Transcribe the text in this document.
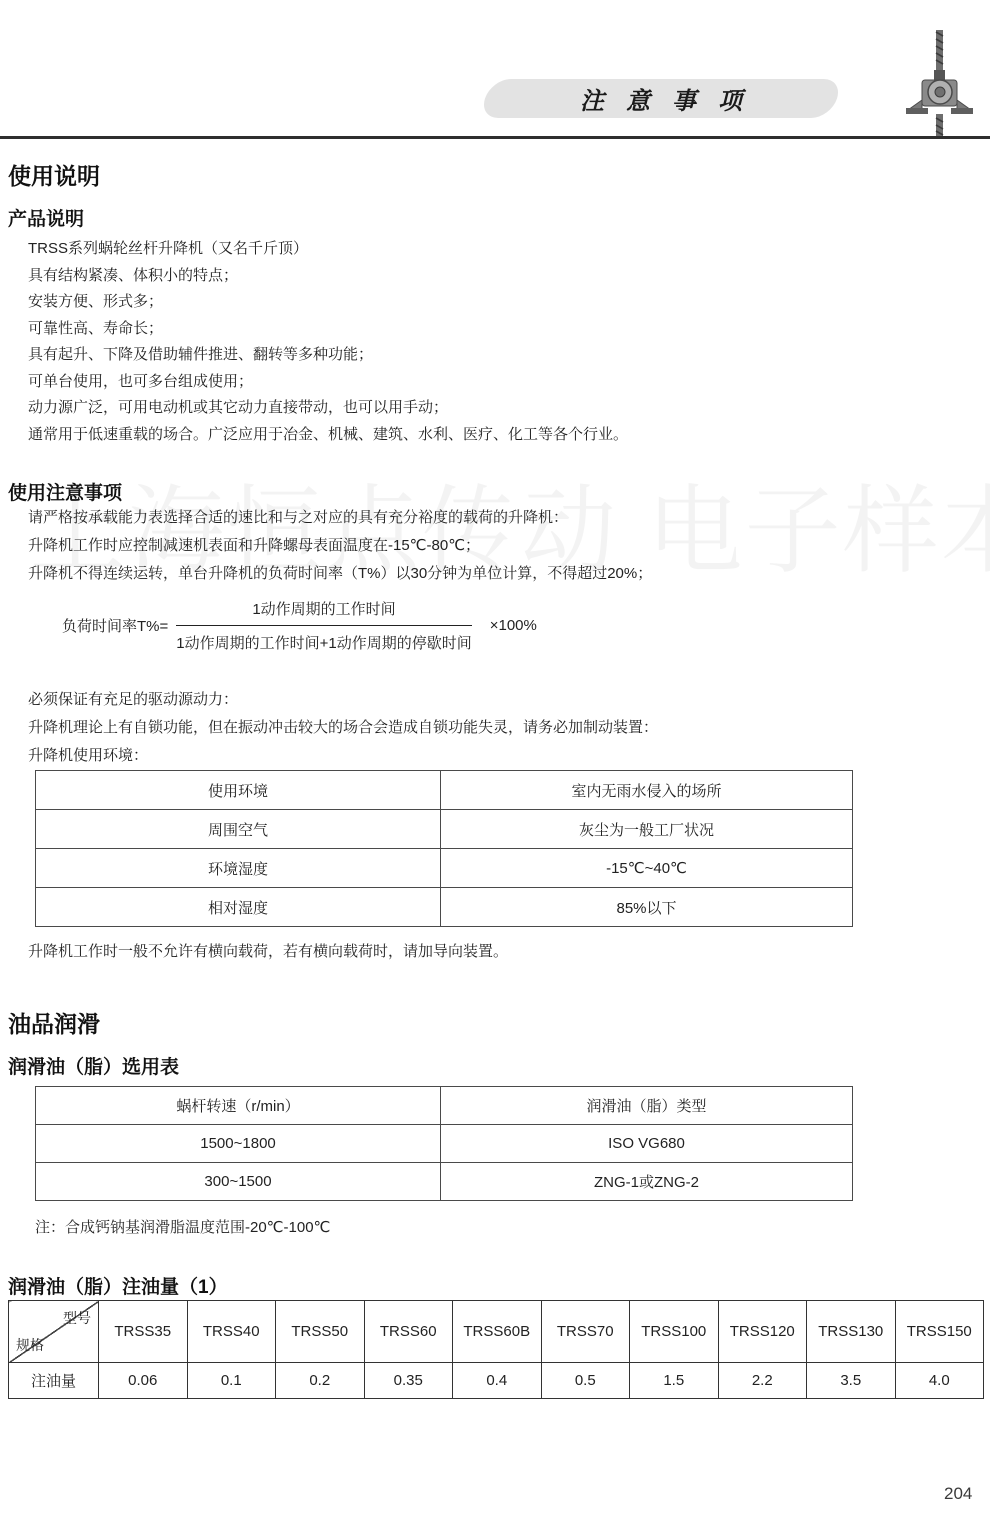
注意事项
使用说明
产品说明
TRSS系列蜗轮丝杆升降机（又名千斤顶）
具有结构紧凑、体积小的特点；
安装方便、形式多；
可靠性高、寿命长；
具有起升、下降及借助辅件推进、翻转等多种功能；
可单台使用，也可多台组成使用；
动力源广泛，可用电动机或其它动力直接带动，也可以用手动；
通常用于低速重载的场合。广泛应用于冶金、机械、建筑、水利、医疗、化工等各个行业。
使用注意事项
请严格按承载能力表选择合适的速比和与之对应的具有充分裕度的载荷的升降机：
升降机工作时应控制减速机表面和升降螺母表面温度在-15℃-80℃；
升降机不得连续运转，单台升降机的负荷时间率（T%）以30分钟为单位计算，不得超过20%；
负荷时间率$T\%= \frac{\text{1动作周期的工作时间}}{\text{1动作周期的工作时间+1动作周期的停歇时间}} \times 100\%$
必须保证有充足的驱动源动力：
升降机理论上有自锁功能，但在振动冲击较大的场合会造成自锁功能失灵，请务必加制动装置：
升降机使用环境：
使用环境	室内无雨水侵入的场所
周围空气	灰尘为一般工厂状况
环境湿度	-15℃~40℃
相对湿度	85%以下
升降机工作时一般不允许有横向载荷，若有横向载荷时，请加导向装置。
油品润滑
润滑油（脂）选用表
蜗杆转速（r/min）	润滑油（脂）类型
1500~1800	ISO VG680
300~1500	ZNG-1或ZNG-2
注：合成钙钠基润滑脂温度范围-20℃-100℃
润滑油（脂）注油量（1）
型号
规格	TRSS35	TRSS40	TRSS50	TRSS60	TRSS60B	TRSS70	TRSS100	TRSS120	TRSS130	TRSS150
注油量	0.06	0.1	0.2	0.35	0.4	0.5	1.5	2.2	3.5	4.0
204
